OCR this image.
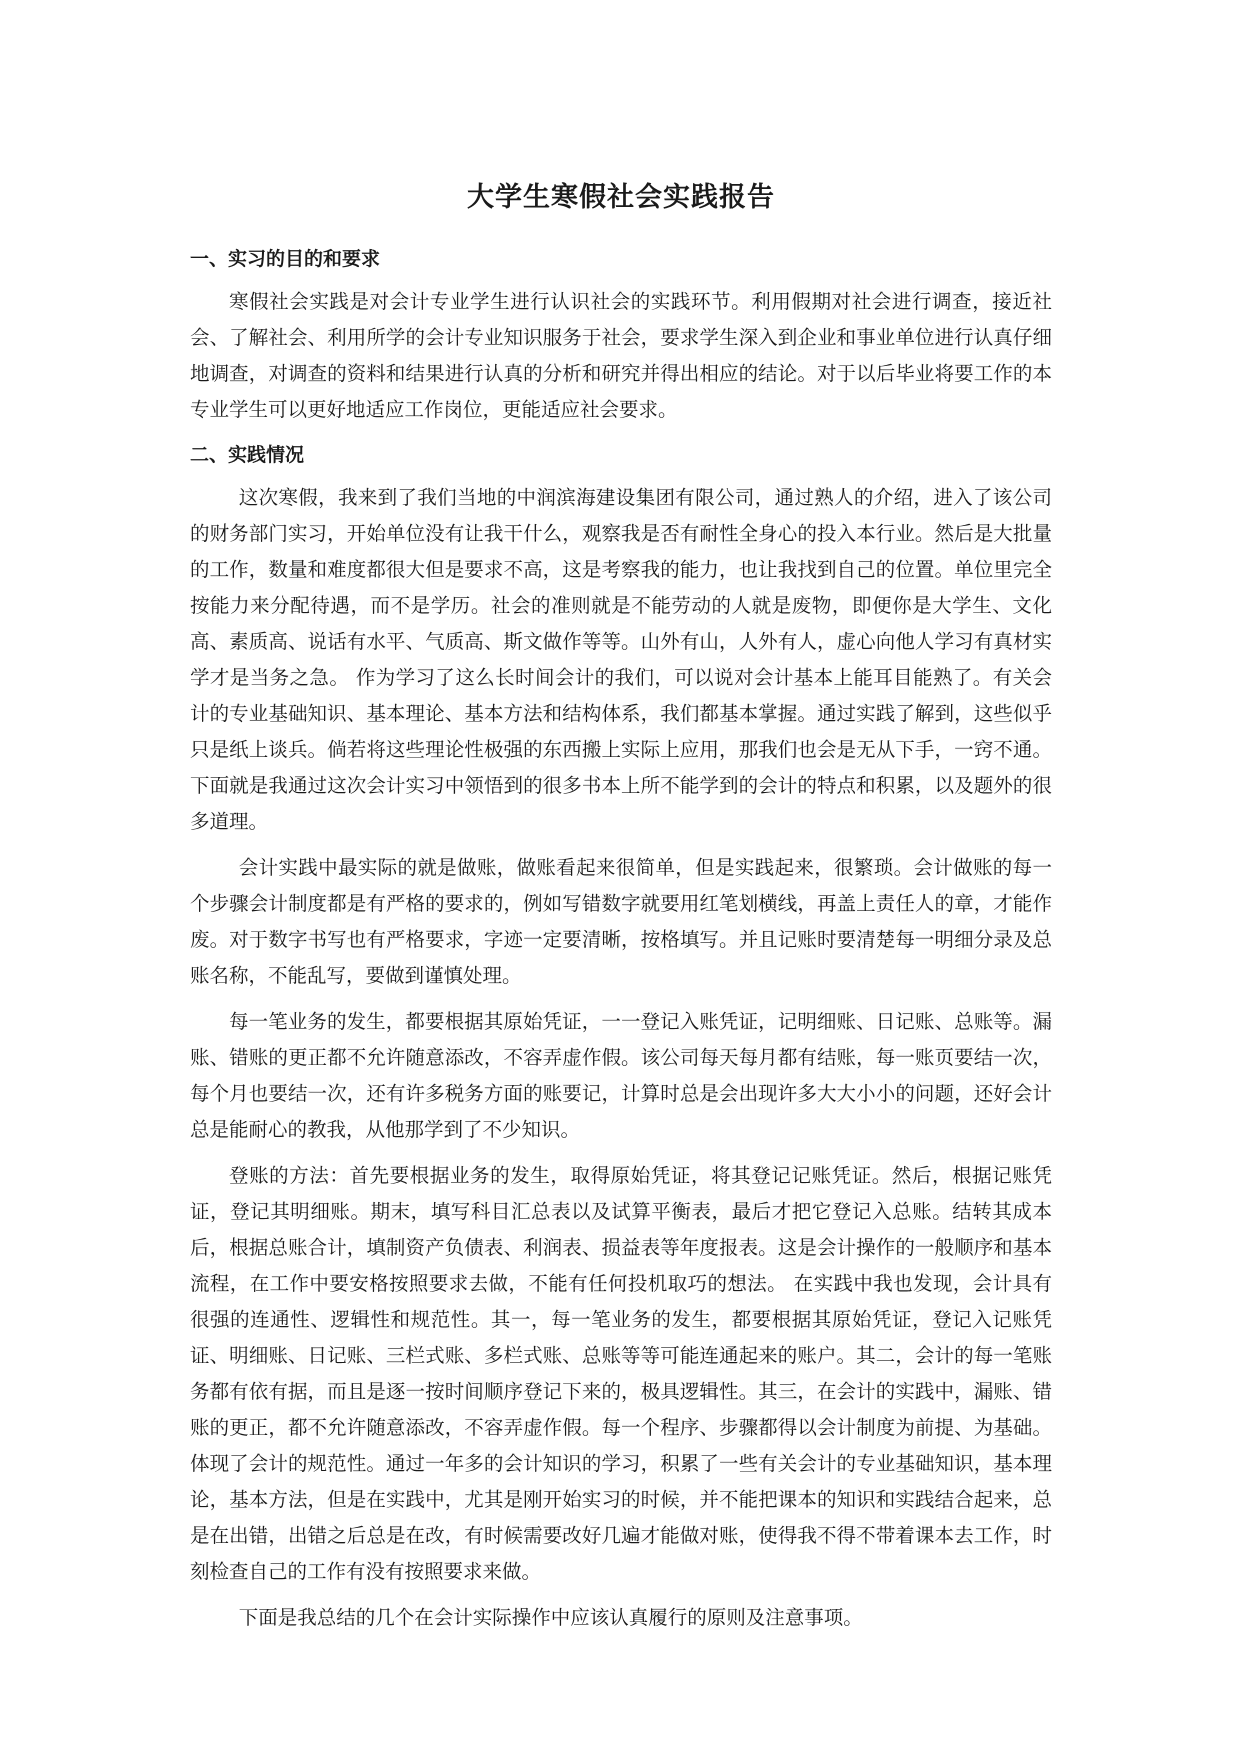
大学生寒假社会实践报告
一、实习的目的和要求

寒假社会实践是对会计专业学生进行认识社会的实践环节。利用假期对社会进行调查，接近社会、了解社会、利用所学的会计专业知识服务于社会，要求学生深入到企业和事业单位进行认真仔细地调查，对调查的资料和结果进行认真的分析和研究并得出相应的结论。对于以后毕业将要工作的本专业学生可以更好地适应工作岗位，更能适应社会要求。

二、实践情况

这次寒假，我来到了我们当地的中润滨海建设集团有限公司，通过熟人的介绍，进入了该公司的财务部门实习，开始单位没有让我干什么，观察我是否有耐性全身心的投入本行业。然后是大批量的工作，数量和难度都很大但是要求不高，这是考察我的能力，也让我找到自己的位置。单位里完全按能力来分配待遇，而不是学历。社会的准则就是不能劳动的人就是废物，即便你是大学生、文化高、素质高、说话有水平、气质高、斯文做作等等。山外有山，人外有人，虚心向他人学习有真材实学才是当务之急。 作为学习了这么长时间会计的我们，可以说对会计基本上能耳目能熟了。有关会计的专业基础知识、基本理论、基本方法和结构体系，我们都基本掌握。通过实践了解到，这些似乎只是纸上谈兵。倘若将这些理论性极强的东西搬上实际上应用，那我们也会是无从下手，一窍不通。下面就是我通过这次会计实习中领悟到的很多书本上所不能学到的会计的特点和积累，以及题外的很多道理。

会计实践中最实际的就是做账，做账看起来很简单，但是实践起来，很繁琐。会计做账的每一个步骤会计制度都是有严格的要求的，例如写错数字就要用红笔划横线，再盖上责任人的章，才能作废。对于数字书写也有严格要求，字迹一定要清晰，按格填写。并且记账时要清楚每一明细分录及总账名称，不能乱写，要做到谨慎处理。

每一笔业务的发生，都要根据其原始凭证，一一登记入账凭证，记明细账、日记账、总账等。漏账、错账的更正都不允许随意添改，不容弄虚作假。该公司每天每月都有结账，每一账页要结一次，每个月也要结一次，还有许多税务方面的账要记，计算时总是会出现许多大大小小的问题，还好会计总是能耐心的教我，从他那学到了不少知识。

登账的方法：首先要根据业务的发生，取得原始凭证，将其登记记账凭证。然后，根据记账凭证，登记其明细账。期末，填写科目汇总表以及试算平衡表，最后才把它登记入总账。结转其成本后，根据总账合计，填制资产负债表、利润表、损益表等年度报表。这是会计操作的一般顺序和基本流程，在工作中要安格按照要求去做，不能有任何投机取巧的想法。 在实践中我也发现，会计具有很强的连通性、逻辑性和规范性。其一，每一笔业务的发生，都要根据其原始凭证，登记入记账凭证、明细账、日记账、三栏式账、多栏式账、总账等等可能连通起来的账户。其二，会计的每一笔账务都有依有据，而且是逐一按时间顺序登记下来的，极具逻辑性。其三，在会计的实践中，漏账、错账的更正，都不允许随意添改，不容弄虚作假。每一个程序、步骤都得以会计制度为前提、为基础。体现了会计的规范性。通过一年多的会计知识的学习，积累了一些有关会计的专业基础知识，基本理论，基本方法，但是在实践中，尤其是刚开始实习的时候，并不能把课本的知识和实践结合起来，总是在出错，出错之后总是在改，有时候需要改好几遍才能做对账，使得我不得不带着课本去工作，时刻检查自己的工作有没有按照要求来做。

下面是我总结的几个在会计实际操作中应该认真履行的原则及注意事项。
